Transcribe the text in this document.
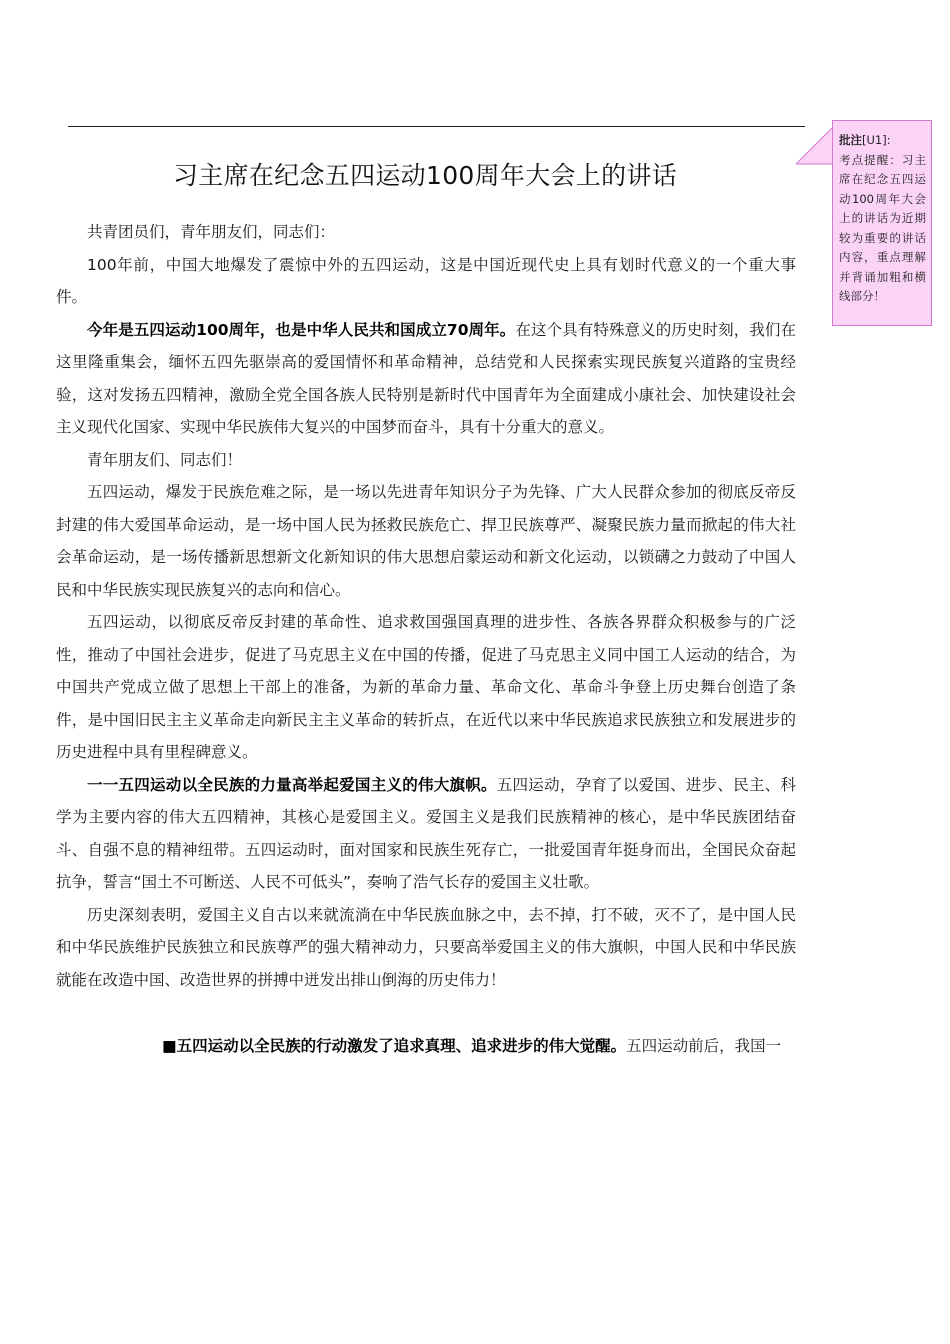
习主席在纪念五四运动100周年大会上的讲话

共青团员们，青年朋友们，同志们：

100年前，中国大地爆发了震惊中外的五四运动，这是中国近现代史上具有划时代意义的一个重大事件。

今年是五四运动100周年，也是中华人民共和国成立70周年。在这个具有特殊意义的历史时刻，我们在这里隆重集会，缅怀五四先驱崇高的爱国情怀和革命精神，总结党和人民探索实现民族复兴道路的宝贵经验，这对发扬五四精神，激励全党全国各族人民特别是新时代中国青年为全面建成小康社会、加快建设社会主义现代化国家、实现中华民族伟大复兴的中国梦而奋斗，具有十分重大的意义。

青年朋友们、同志们！

五四运动，爆发于民族危难之际，是一场以先进青年知识分子为先锋、广大人民群众参加的彻底反帝反封建的伟大爱国革命运动，是一场中国人民为拯救民族危亡、捍卫民族尊严、凝聚民族力量而掀起的伟大社会革命运动，是一场传播新思想新文化新知识的伟大思想启蒙运动和新文化运动，以锁礴之力鼓动了中国人民和中华民族实现民族复兴的志向和信心。

五四运动，以彻底反帝反封建的革命性、追求救国强国真理的进步性、各族各界群众积极参与的广泛性，推动了中国社会进步，促进了马克思主义在中国的传播，促进了马克思主义同中国工人运动的结合，为中国共产党成立做了思想上干部上的准备，为新的革命力量、革命文化、革命斗争登上历史舞台创造了条件，是中国旧民主主义革命走向新民主主义革命的转折点，在近代以来中华民族追求民族独立和发展进步的历史进程中具有里程碑意义。

一一五四运动以全民族的力量高举起爱国主义的伟大旗帜。五四运动，孕育了以爱国、进步、民主、科学为主要内容的伟大五四精神，其核心是爱国主义。爱国主义是我们民族精神的核心，是中华民族团结奋斗、自强不息的精神纽带。五四运动时，面对国家和民族生死存亡，一批爱国青年挺身而出，全国民众奋起抗争，誓言“国土不可断送、人民不可低头”，奏响了浩气长存的爱国主义壮歌。

历史深刻表明，爱国主义自古以来就流淌在中华民族血脉之中，去不掉，打不破，灭不了，是中国人民和中华民族维护民族独立和民族尊严的强大精神动力，只要高举爱国主义的伟大旗帜，中国人民和中华民族就能在改造中国、改造世界的拼搏中迸发出排山倒海的历史伟力！

■五四运动以全民族的行动激发了追求真理、追求进步的伟大觉醒。五四运动前后，我国一

批注[U1]:
考点提醒：习主席在纪念五四运动100周年大会上的讲话为近期较为重要的讲话内容，重点理解并背诵加粗和横线部分！
